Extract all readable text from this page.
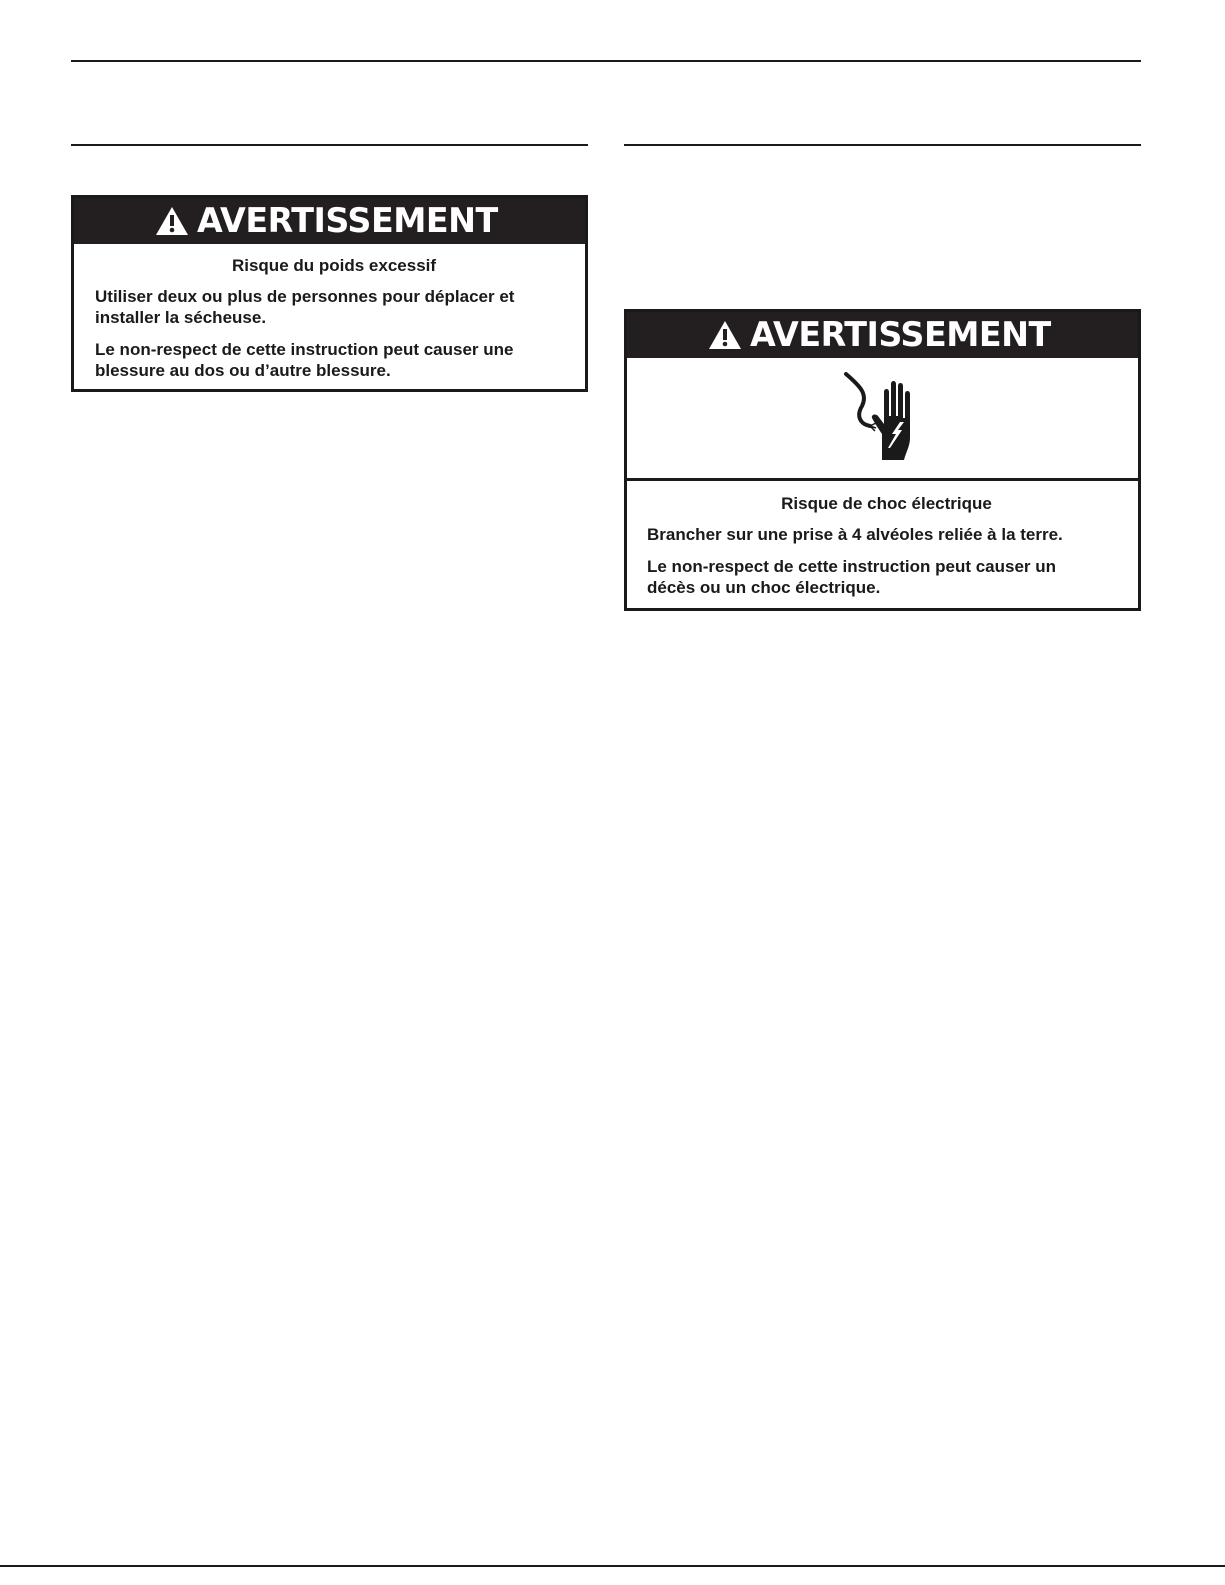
AVERTISSEMENT
Risque du poids excessif

Utiliser deux ou plus de personnes pour déplacer et installer la sécheuse.

Le non-respect de cette instruction peut causer une blessure au dos ou d’autre blessure.

AVERTISSEMENT
Risque de choc électrique

Brancher sur une prise à 4 alvéoles reliée à la terre.

Le non-respect de cette instruction peut causer un décès ou un choc électrique.
